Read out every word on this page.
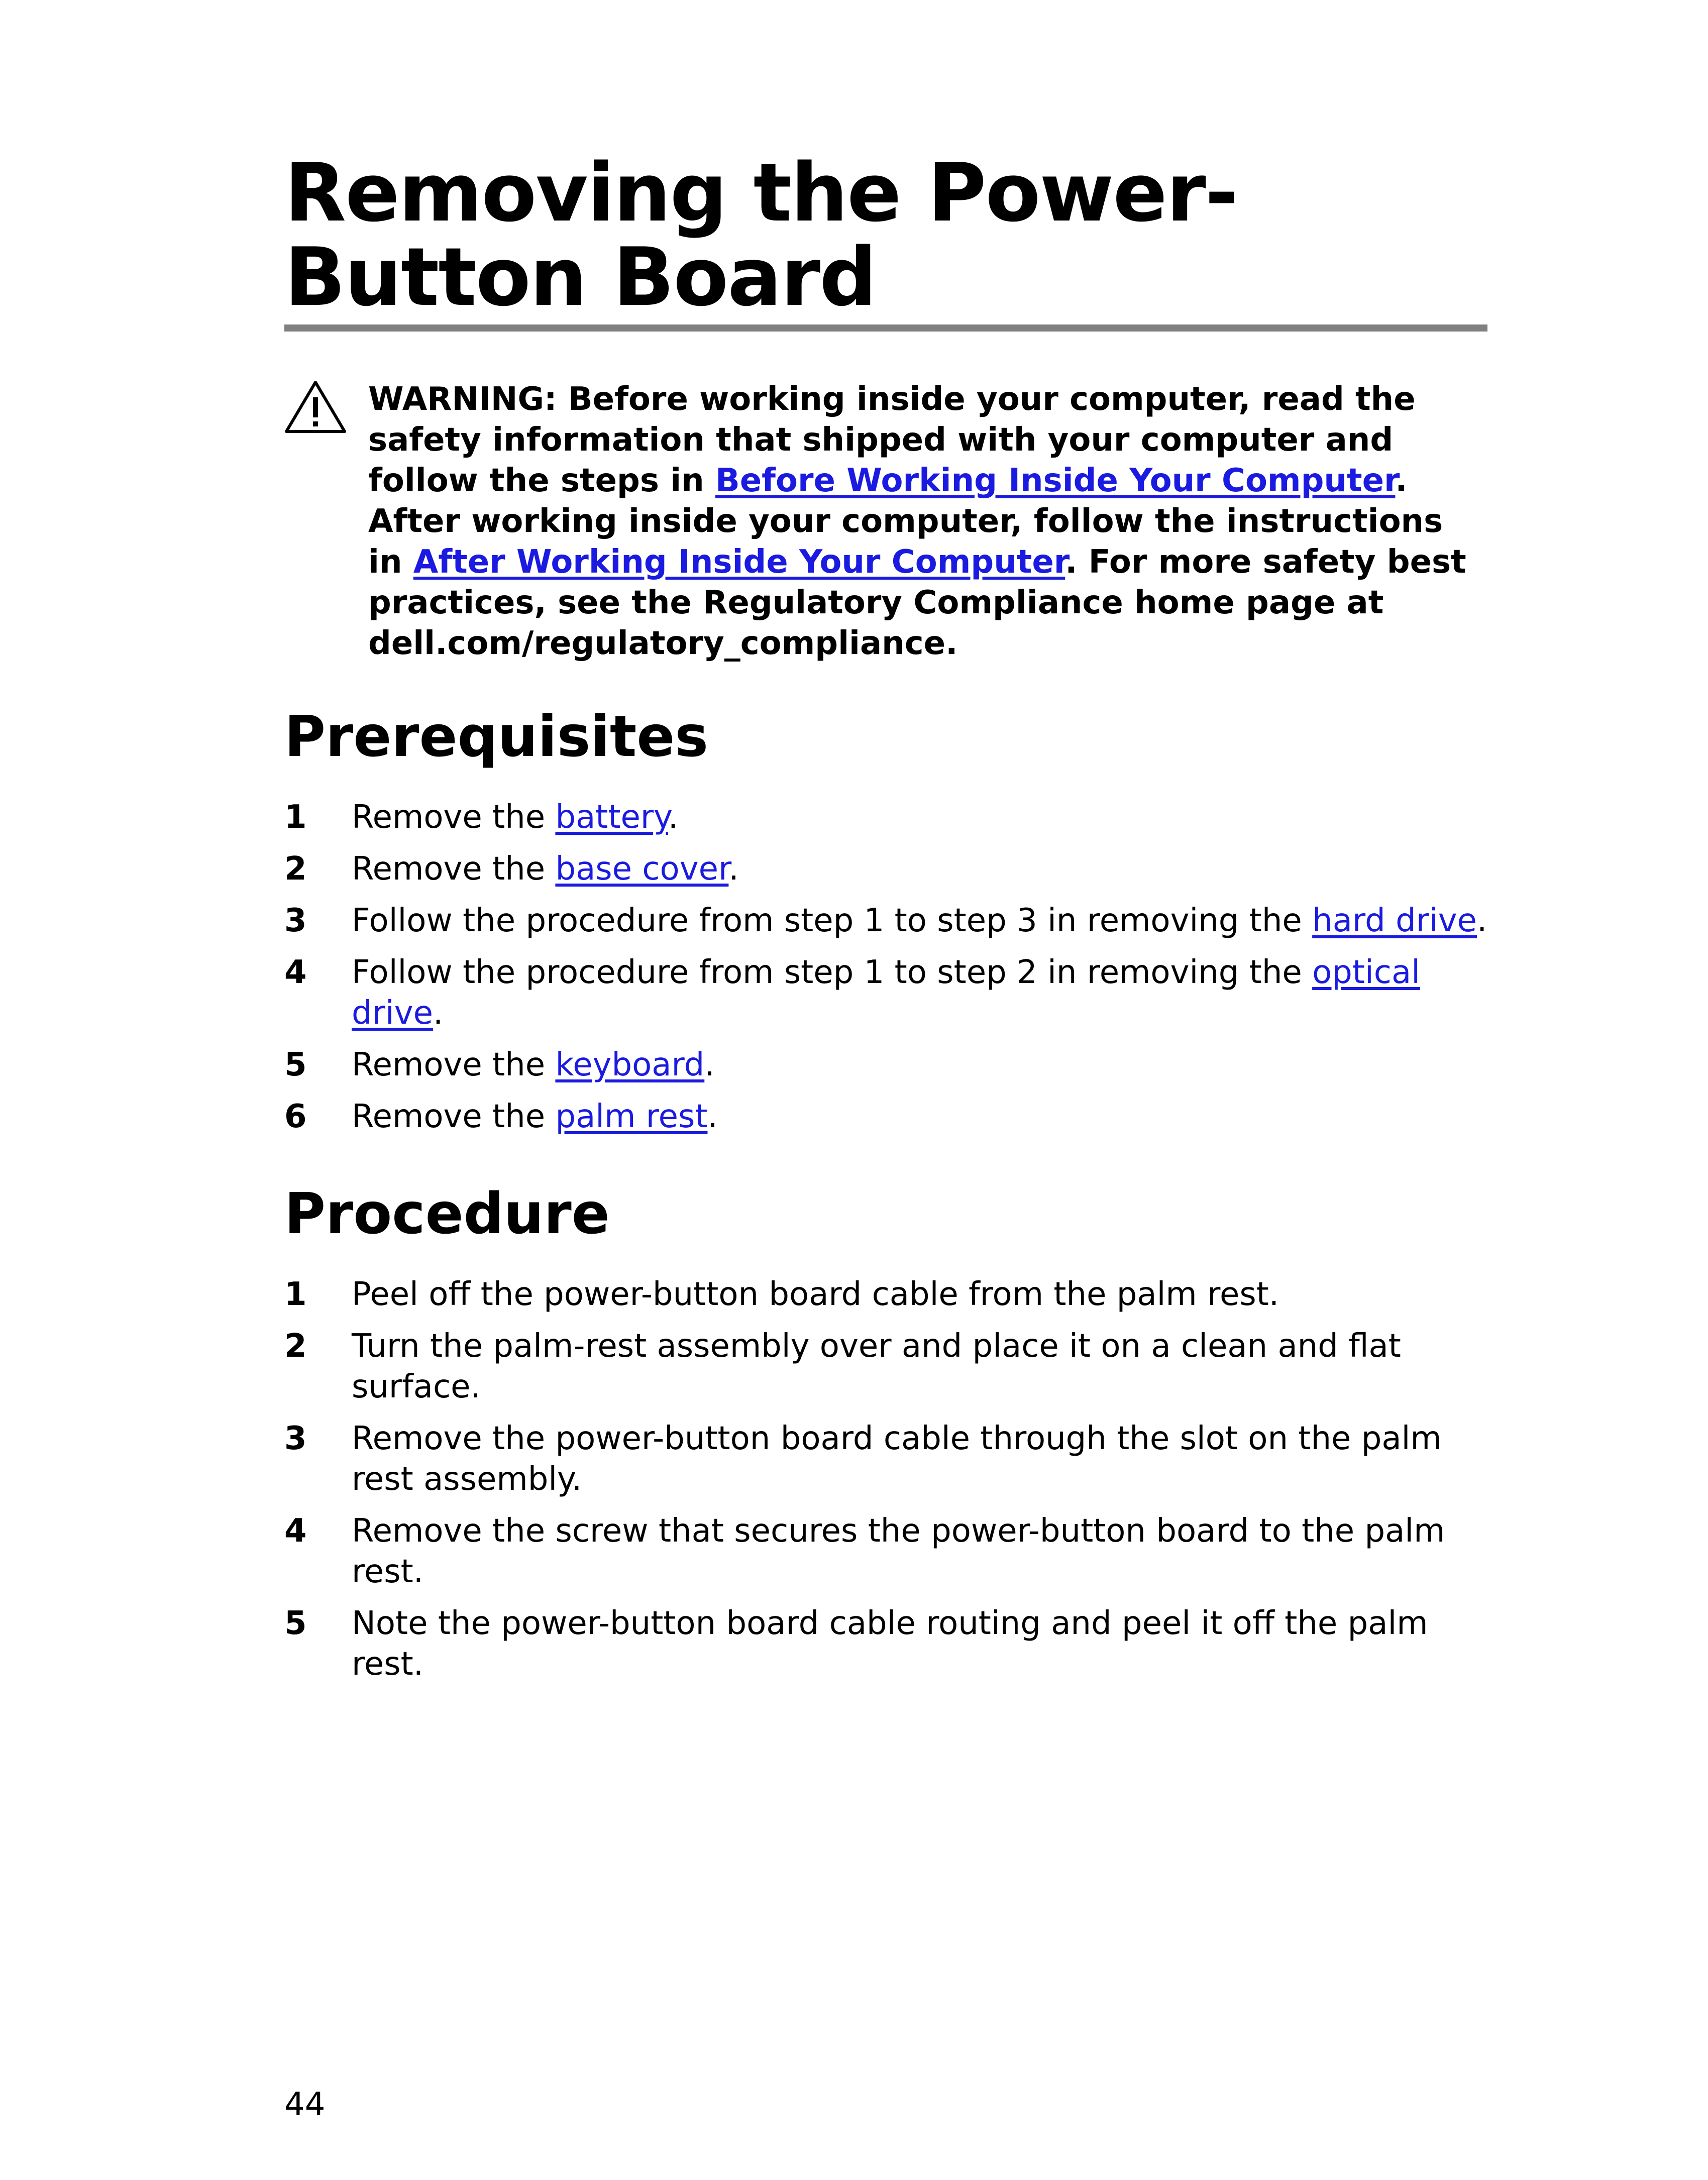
Removing the Power-Button Board
WARNING: Before working inside your computer, read the safety information that shipped with your computer and follow the steps in Before Working Inside Your Computer. After working inside your computer, follow the instructions in After Working Inside Your Computer. For more safety best practices, see the Regulatory Compliance home page at dell.com/regulatory_compliance.
Prerequisites
1 Remove the battery.
2 Remove the base cover.
3 Follow the procedure from step 1 to step 3 in removing the hard drive.
4 Follow the procedure from step 1 to step 2 in removing the optical drive.
5 Remove the keyboard.
6 Remove the palm rest.
Procedure
1 Peel off the power-button board cable from the palm rest.
2 Turn the palm-rest assembly over and place it on a clean and flat surface.
3 Remove the power-button board cable through the slot on the palm rest assembly.
4 Remove the screw that secures the power-button board to the palm rest.
5 Note the power-button board cable routing and peel it off the palm rest.
44
